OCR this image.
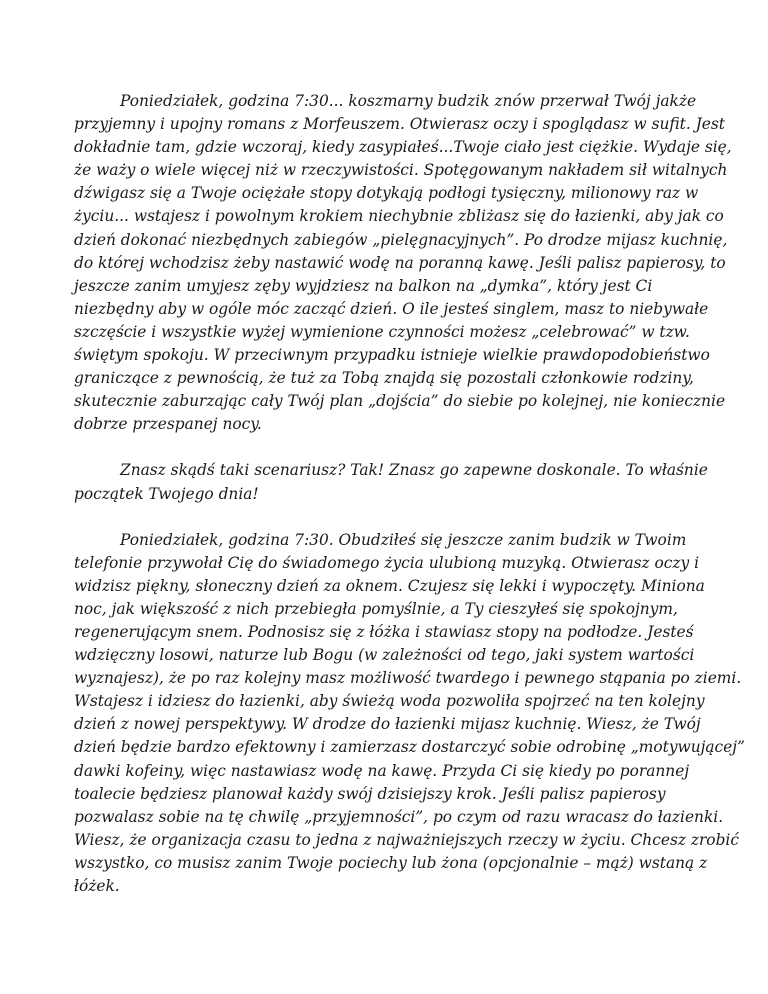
Poniedziałek, godzina 7:30... koszmarny budzik znów przerwał Twój jakże
przyjemny i upojny romans z Morfeuszem. Otwierasz oczy i spoglądasz w sufit. Jest
dokładnie tam, gdzie wczoraj, kiedy zasypiałeś...Twoje ciało jest ciężkie. Wydaje się,
że waży o wiele więcej niż w rzeczywistości. Spotęgowanym nakładem sił witalnych
dźwigasz się a Twoje ociężałe stopy dotykają podłogi tysięczny, milionowy raz w
życiu... wstajesz i powolnym krokiem niechybnie zbliżasz się do łazienki, aby jak co
dzień dokonać niezbędnych zabiegów „pielęgnacyjnych”. Po drodze mijasz kuchnię,
do której wchodzisz żeby nastawić wodę na poranną kawę. Jeśli palisz papierosy, to
jeszcze zanim umyjesz zęby wyjdziesz na balkon na „dymka”, który jest Ci
niezbędny aby w ogóle móc zacząć dzień. O ile jesteś singlem, masz to niebywałe
szczęście i wszystkie wyżej wymienione czynności możesz „celebrować” w tzw.
świętym spokoju. W przeciwnym przypadku istnieje wielkie prawdopodobieństwo
graniczące z pewnością, że tuż za Tobą znajdą się pozostali członkowie rodziny,
skutecznie zaburzając cały Twój plan „dojścia” do siebie po kolejnej, nie koniecznie
dobrze przespanej nocy.

Znasz skądś taki scenariusz? Tak! Znasz go zapewne doskonale. To właśnie
początek Twojego dnia!

Poniedziałek, godzina 7:30. Obudziłeś się jeszcze zanim budzik w Twoim
telefonie przywołał Cię do świadomego życia ulubioną muzyką. Otwierasz oczy i
widzisz piękny, słoneczny dzień za oknem. Czujesz się lekki i wypoczęty. Miniona
noc, jak większość z nich przebiegła pomyślnie, a Ty cieszyłeś się spokojnym,
regenerującym snem. Podnosisz się z łóżka i stawiasz stopy na podłodze. Jesteś
wdzięczny losowi, naturze lub Bogu (w zależności od tego, jaki system wartości
wyznajesz), że po raz kolejny masz możliwość twardego i pewnego stąpania po ziemi.
Wstajesz i idziesz do łazienki, aby świeżą woda pozwoliła spojrzeć na ten kolejny
dzień z nowej perspektywy. W drodze do łazienki mijasz kuchnię. Wiesz, że Twój
dzień będzie bardzo efektowny i zamierzasz dostarczyć sobie odrobinę „motywującej”
dawki kofeiny, więc nastawiasz wodę na kawę. Przyda Ci się kiedy po porannej
toalecie będziesz planował każdy swój dzisiejszy krok. Jeśli palisz papierosy
pozwalasz sobie na tę chwilę „przyjemności”, po czym od razu wracasz do łazienki.
Wiesz, że organizacja czasu to jedna z najważniejszych rzeczy w życiu. Chcesz zrobić
wszystko, co musisz zanim Twoje pociechy lub żona (opcjonalnie – mąż) wstaną z
łóżek.
